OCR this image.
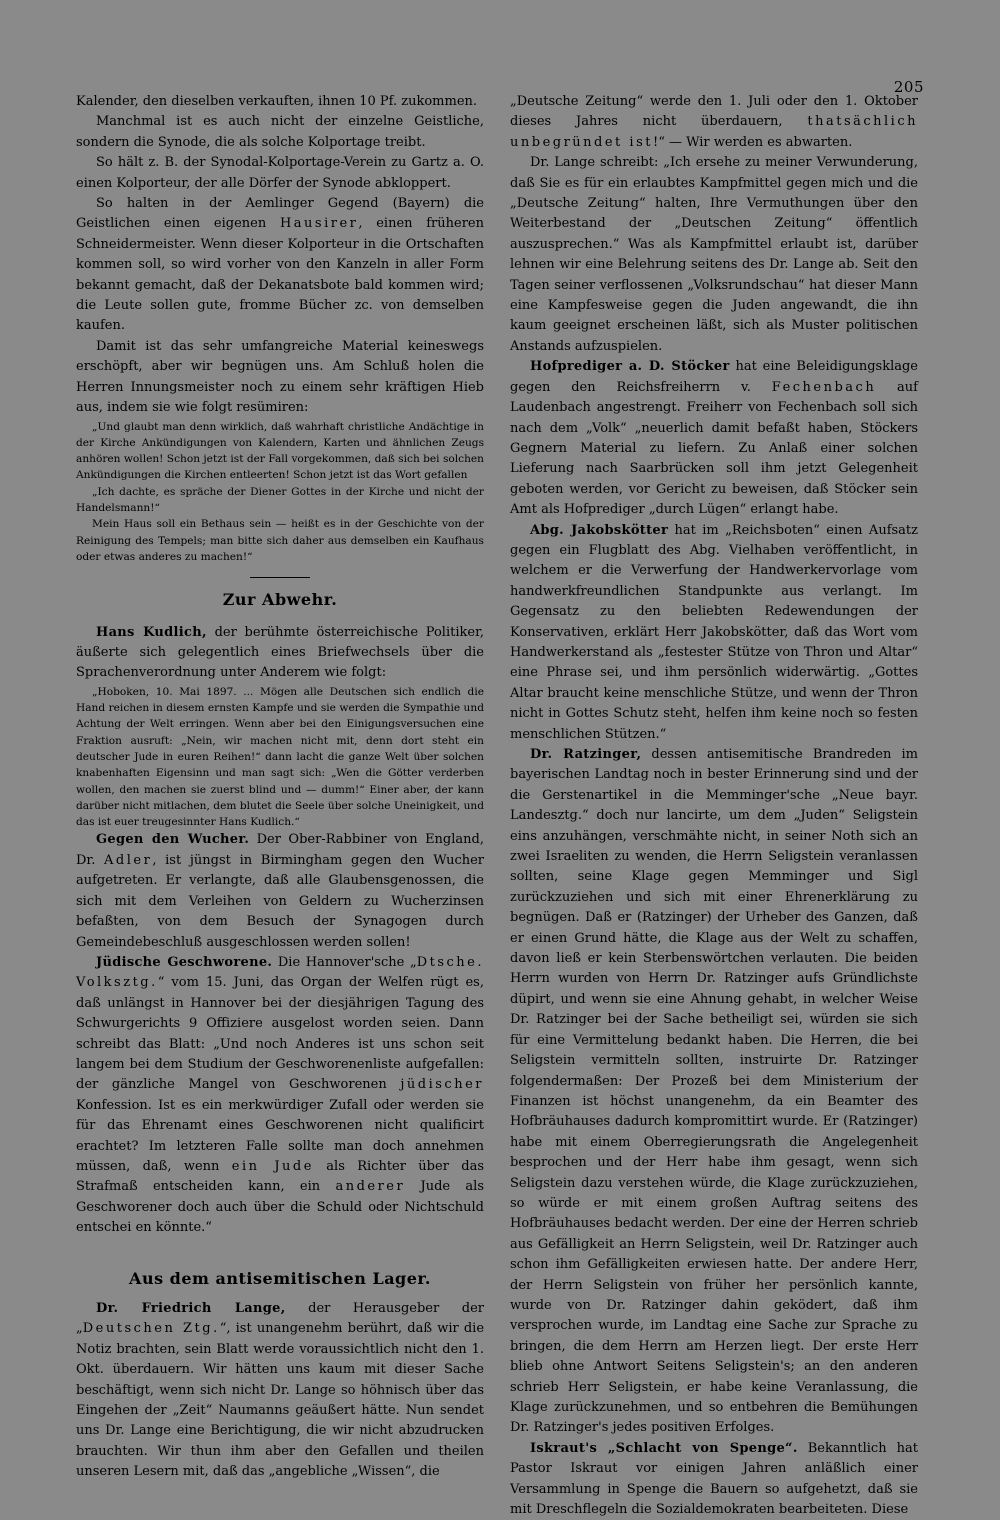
205

Kalender, den dieselben verkauften, ihnen 10 Pf. zukommen.

Manchmal ist es auch nicht der einzelne Geistliche, sondern die Synode, die als solche Kolportage treibt.

So hält z. B. der Synodal-Kolportage-Verein zu Gartz a. O. einen Kolporteur, der alle Dörfer der Synode abkloppert.

So halten in der Aemlinger Gegend (Bayern) die Geistlichen einen eigenen Hausirer, einen früheren Schneidermeister. Wenn dieser Kolporteur in die Ortschaften kommen soll, so wird vorher von den Kanzeln in aller Form bekannt gemacht, daß der Dekanatsbote bald kommen wird; die Leute sollen gute, fromme Bücher zc. von demselben kaufen.

Damit ist das sehr umfangreiche Material keineswegs erschöpft, aber wir begnügen uns. Am Schluß holen die Herren Innungsmeister noch zu einem sehr kräftigen Hieb aus, indem sie wie folgt resümiren:

„Und glaubt man denn wirklich, daß wahrhaft christliche Andächtige in der Kirche Ankündigungen von Kalendern, Karten und ähnlichen Zeugs anhören wollen! Schon jetzt ist der Fall vorgekommen, daß sich bei solchen Ankündigungen die Kirchen entleerten! Schon jetzt ist das Wort gefallen

„Ich dachte, es spräche der Diener Gottes in der Kirche und nicht der Handelsmann!“

Mein Haus soll ein Bethaus sein — heißt es in der Geschichte von der Reinigung des Tempels; man bitte sich daher aus demselben ein Kaufhaus oder etwas anderes zu machen!“

Zur Abwehr.

Hans Kudlich, der berühmte österreichische Politiker, äußerte sich gelegentlich eines Briefwechsels über die Sprachenverordnung unter Anderem wie folgt:

„Hoboken, 10. Mai 1897. ... Mögen alle Deutschen sich endlich die Hand reichen in diesem ernsten Kampfe und sie werden die Sympathie und Achtung der Welt erringen. Wenn aber bei den Einigungsversuchen eine Fraktion ausruft: „Nein, wir machen nicht mit, denn dort steht ein deutscher Jude in euren Reihen!“ dann lacht die ganze Welt über solchen knabenhaften Eigensinn und man sagt sich: „Wen die Götter verderben wollen, den machen sie zuerst blind und — dumm!“ Einer aber, der kann darüber nicht mitlachen, dem blutet die Seele über solche Uneinigkeit, und das ist euer treugesinnter Hans Kudlich.“

Gegen den Wucher. Der Ober-Rabbiner von England, Dr. Adler, ist jüngst in Birmingham gegen den Wucher aufgetreten. Er verlangte, daß alle Glaubensgenossen, die sich mit dem Verleihen von Geldern zu Wucherzinsen befaßten, von dem Besuch der Synagogen durch Gemeindebeschluß ausgeschlossen werden sollen!

Jüdische Geschworene. Die Hannover'sche „Dtsche. Volksztg.“ vom 15. Juni, das Organ der Welfen rügt es, daß unlängst in Hannover bei der diesjährigen Tagung des Schwurgerichts 9 Offiziere ausgelost worden seien. Dann schreibt das Blatt: „Und noch Anderes ist uns schon seit langem bei dem Studium der Geschworenenliste aufgefallen: der gänzliche Mangel von Geschworenen jüdischer Konfession. Ist es ein merkwürdiger Zufall oder werden sie für das Ehrenamt eines Geschworenen nicht qualificirt erachtet? Im letzteren Falle sollte man doch annehmen müssen, daß, wenn ein Jude als Richter über das Strafmaß entscheiden kann, ein anderer Jude als Geschworener doch auch über die Schuld oder Nichtschuld entschei en könnte.“

Aus dem antisemitischen Lager.

Dr. Friedrich Lange, der Herausgeber der „Deutschen Ztg.“, ist unangenehm berührt, daß wir die Notiz brachten, sein Blatt werde voraussichtlich nicht den 1. Okt. überdauern. Wir hätten uns kaum mit dieser Sache beschäftigt, wenn sich nicht Dr. Lange so höhnisch über das Eingehen der „Zeit“ Naumanns geäußert hätte. Nun sendet uns Dr. Lange eine Berichtigung, die wir nicht abzudrucken brauchten. Wir thun ihm aber den Gefallen und theilen unseren Lesern mit, daß das „angebliche „Wissen“, die

„Deutsche Zeitung“ werde den 1. Juli oder den 1. Oktober dieses Jahres nicht überdauern, thatsächlich unbegründet ist!“ — Wir werden es abwarten.

Dr. Lange schreibt: „Ich ersehe zu meiner Verwunderung, daß Sie es für ein erlaubtes Kampfmittel gegen mich und die „Deutsche Zeitung“ halten, Ihre Vermuthungen über den Weiterbestand der „Deutschen Zeitung“ öffentlich auszusprechen.“ Was als Kampfmittel erlaubt ist, darüber lehnen wir eine Belehrung seitens des Dr. Lange ab. Seit den Tagen seiner verflossenen „Volksrundschau“ hat dieser Mann eine Kampfesweise gegen die Juden angewandt, die ihn kaum geeignet erscheinen läßt, sich als Muster politischen Anstands aufzuspielen.

Hofprediger a. D. Stöcker hat eine Beleidigungsklage gegen den Reichsfreiherrn v. Fechenbach auf Laudenbach angestrengt. Freiherr von Fechenbach soll sich nach dem „Volk“ „neuerlich damit befaßt haben, Stöckers Gegnern Material zu liefern. Zu Anlaß einer solchen Lieferung nach Saarbrücken soll ihm jetzt Gelegenheit geboten werden, vor Gericht zu beweisen, daß Stöcker sein Amt als Hofprediger „durch Lügen“ erlangt habe.

Abg. Jakobskötter hat im „Reichsboten“ einen Aufsatz gegen ein Flugblatt des Abg. Vielhaben veröffentlicht, in welchem er die Verwerfung der Handwerkervorlage vom handwerkfreundlichen Standpunkte aus verlangt. Im Gegensatz zu den beliebten Redewendungen der Konservativen, erklärt Herr Jakobskötter, daß das Wort vom Handwerkerstand als „festester Stütze von Thron und Altar“ eine Phrase sei, und ihm persönlich widerwärtig. „Gottes Altar braucht keine menschliche Stütze, und wenn der Thron nicht in Gottes Schutz steht, helfen ihm keine noch so festen menschlichen Stützen.“

Dr. Ratzinger, dessen antisemitische Brandreden im bayerischen Landtag noch in bester Erinnerung sind und der die Gerstenartikel in die Memminger'sche „Neue bayr. Landesztg.“ doch nur lancirte, um dem „Juden“ Seligstein eins anzuhängen, verschmähte nicht, in seiner Noth sich an zwei Israeliten zu wenden, die Herrn Seligstein veranlassen sollten, seine Klage gegen Memminger und Sigl zurückzuziehen und sich mit einer Ehrenerklärung zu begnügen. Daß er (Ratzinger) der Urheber des Ganzen, daß er einen Grund hätte, die Klage aus der Welt zu schaffen, davon ließ er kein Sterbenswörtchen verlauten. Die beiden Herrn wurden von Herrn Dr. Ratzinger aufs Gründlichste düpirt, und wenn sie eine Ahnung gehabt, in welcher Weise Dr. Ratzinger bei der Sache betheiligt sei, würden sie sich für eine Vermittelung bedankt haben. Die Herren, die bei Seligstein vermitteln sollten, instruirte Dr. Ratzinger folgendermaßen: Der Prozeß bei dem Ministerium der Finanzen ist höchst unangenehm, da ein Beamter des Hofbräuhauses dadurch kompromittirt wurde. Er (Ratzinger) habe mit einem Oberregierungsrath die Angelegenheit besprochen und der Herr habe ihm gesagt, wenn sich Seligstein dazu verstehen würde, die Klage zurückzuziehen, so würde er mit einem großen Auftrag seitens des Hofbräuhauses bedacht werden. Der eine der Herren schrieb aus Gefälligkeit an Herrn Seligstein, weil Dr. Ratzinger auch schon ihm Gefälligkeiten erwiesen hatte. Der andere Herr, der Herrn Seligstein von früher her persönlich kannte, wurde von Dr. Ratzinger dahin geködert, daß ihm versprochen wurde, im Landtag eine Sache zur Sprache zu bringen, die dem Herrn am Herzen liegt. Der erste Herr blieb ohne Antwort Seitens Seligstein's; an den anderen schrieb Herr Seligstein, er habe keine Veranlassung, die Klage zurückzunehmen, und so entbehren die Bemühungen Dr. Ratzinger's jedes positiven Erfolges.

Iskraut's „Schlacht von Spenge“. Bekanntlich hat Pastor Iskraut vor einigen Jahren anläßlich einer Versammlung in Spenge die Bauern so aufgehetzt, daß sie mit Dreschflegeln die Sozialdemokraten bearbeiteten. Diese
